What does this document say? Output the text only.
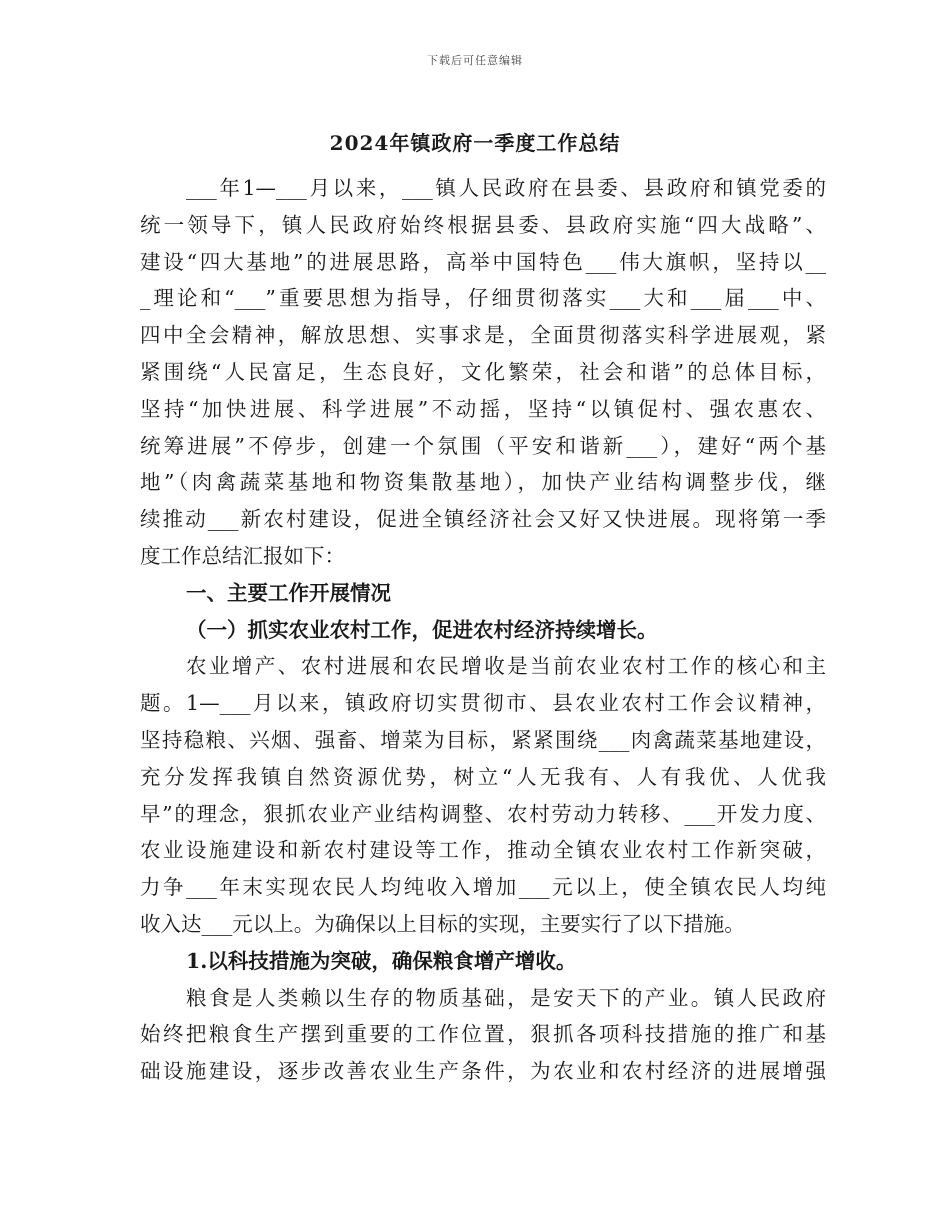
下载后可任意编辑
2024年镇政府一季度工作总结
___年1—___月以来，___镇人民政府在县委、县政府和镇党委的
统一领导下，镇人民政府始终根据县委、县政府实施“四大战略”、
建设“四大基地”的进展思路，高举中国特色___伟大旗帜，坚持以__
_理论和“___”重要思想为指导，仔细贯彻落实___大和___届___中、
四中全会精神，解放思想、实事求是，全面贯彻落实科学进展观，紧
紧围绕“人民富足，生态良好，文化繁荣，社会和谐”的总体目标，
坚持“加快进展、科学进展”不动摇，坚持“以镇促村、强农惠农、
统筹进展”不停步，创建一个氛围（平安和谐新___），建好“两个基
地”（肉禽蔬菜基地和物资集散基地），加快产业结构调整步伐，继
续推动___新农村建设，促进全镇经济社会又好又快进展。现将第一季
度工作总结汇报如下：
一、主要工作开展情况
（一）抓实农业农村工作，促进农村经济持续增长。
农业增产、农村进展和农民增收是当前农业农村工作的核心和主
题。1—___月以来，镇政府切实贯彻市、县农业农村工作会议精神，
坚持稳粮、兴烟、强畜、增菜为目标，紧紧围绕___肉禽蔬菜基地建设，
充分发挥我镇自然资源优势，树立“人无我有、人有我优、人优我
早”的理念，狠抓农业产业结构调整、农村劳动力转移、___开发力度、
农业设施建设和新农村建设等工作，推动全镇农业农村工作新突破，
力争___年末实现农民人均纯收入增加___元以上，使全镇农民人均纯
收入达___元以上。为确保以上目标的实现，主要实行了以下措施。
1.以科技措施为突破，确保粮食增产增收。
粮食是人类赖以生存的物质基础，是安天下的产业。镇人民政府
始终把粮食生产摆到重要的工作位置，狠抓各项科技措施的推广和基
础设施建设，逐步改善农业生产条件，为农业和农村经济的进展增强
